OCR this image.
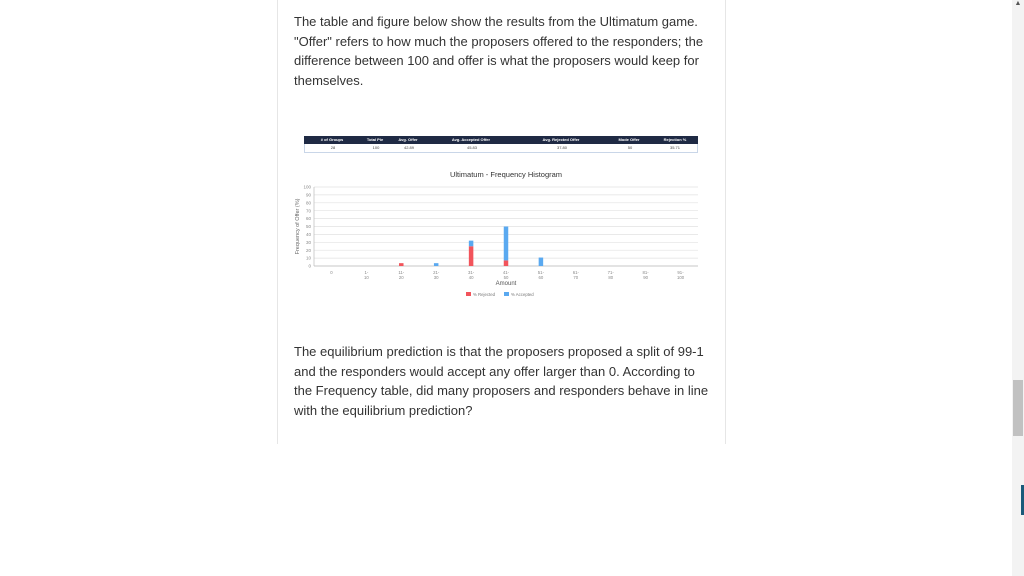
The table and figure below show the results from the Ultimatum game. "Offer" refers to how much the proposers offered to the responders; the difference between 100 and offer is what the proposers would keep for themselves.

# of Groups	Total Pie	Avg. Offer	Avg. Accepted Offer	Avg. Rejected Offer	Mode Offer	Rejection %
28	100	42.89	45.83	37.80	50	35.71
Ultimatum - Frequency Histogram
0
10
20
30
40
50
60
70
80
90
100
Frequency of Offer (%)
0	1-
10
11-
20
21-
30
31-
40
41-
50
51-
60
61-
70
71-
80
81-
90
91-
100
Amount
% Rejected	% Accepted

The equilibrium prediction is that the proposers proposed a split of 99-1 and the responders would accept any offer larger than 0. According to the Frequency table, did many proposers and responders behave in line with the equilibrium prediction?

▲
